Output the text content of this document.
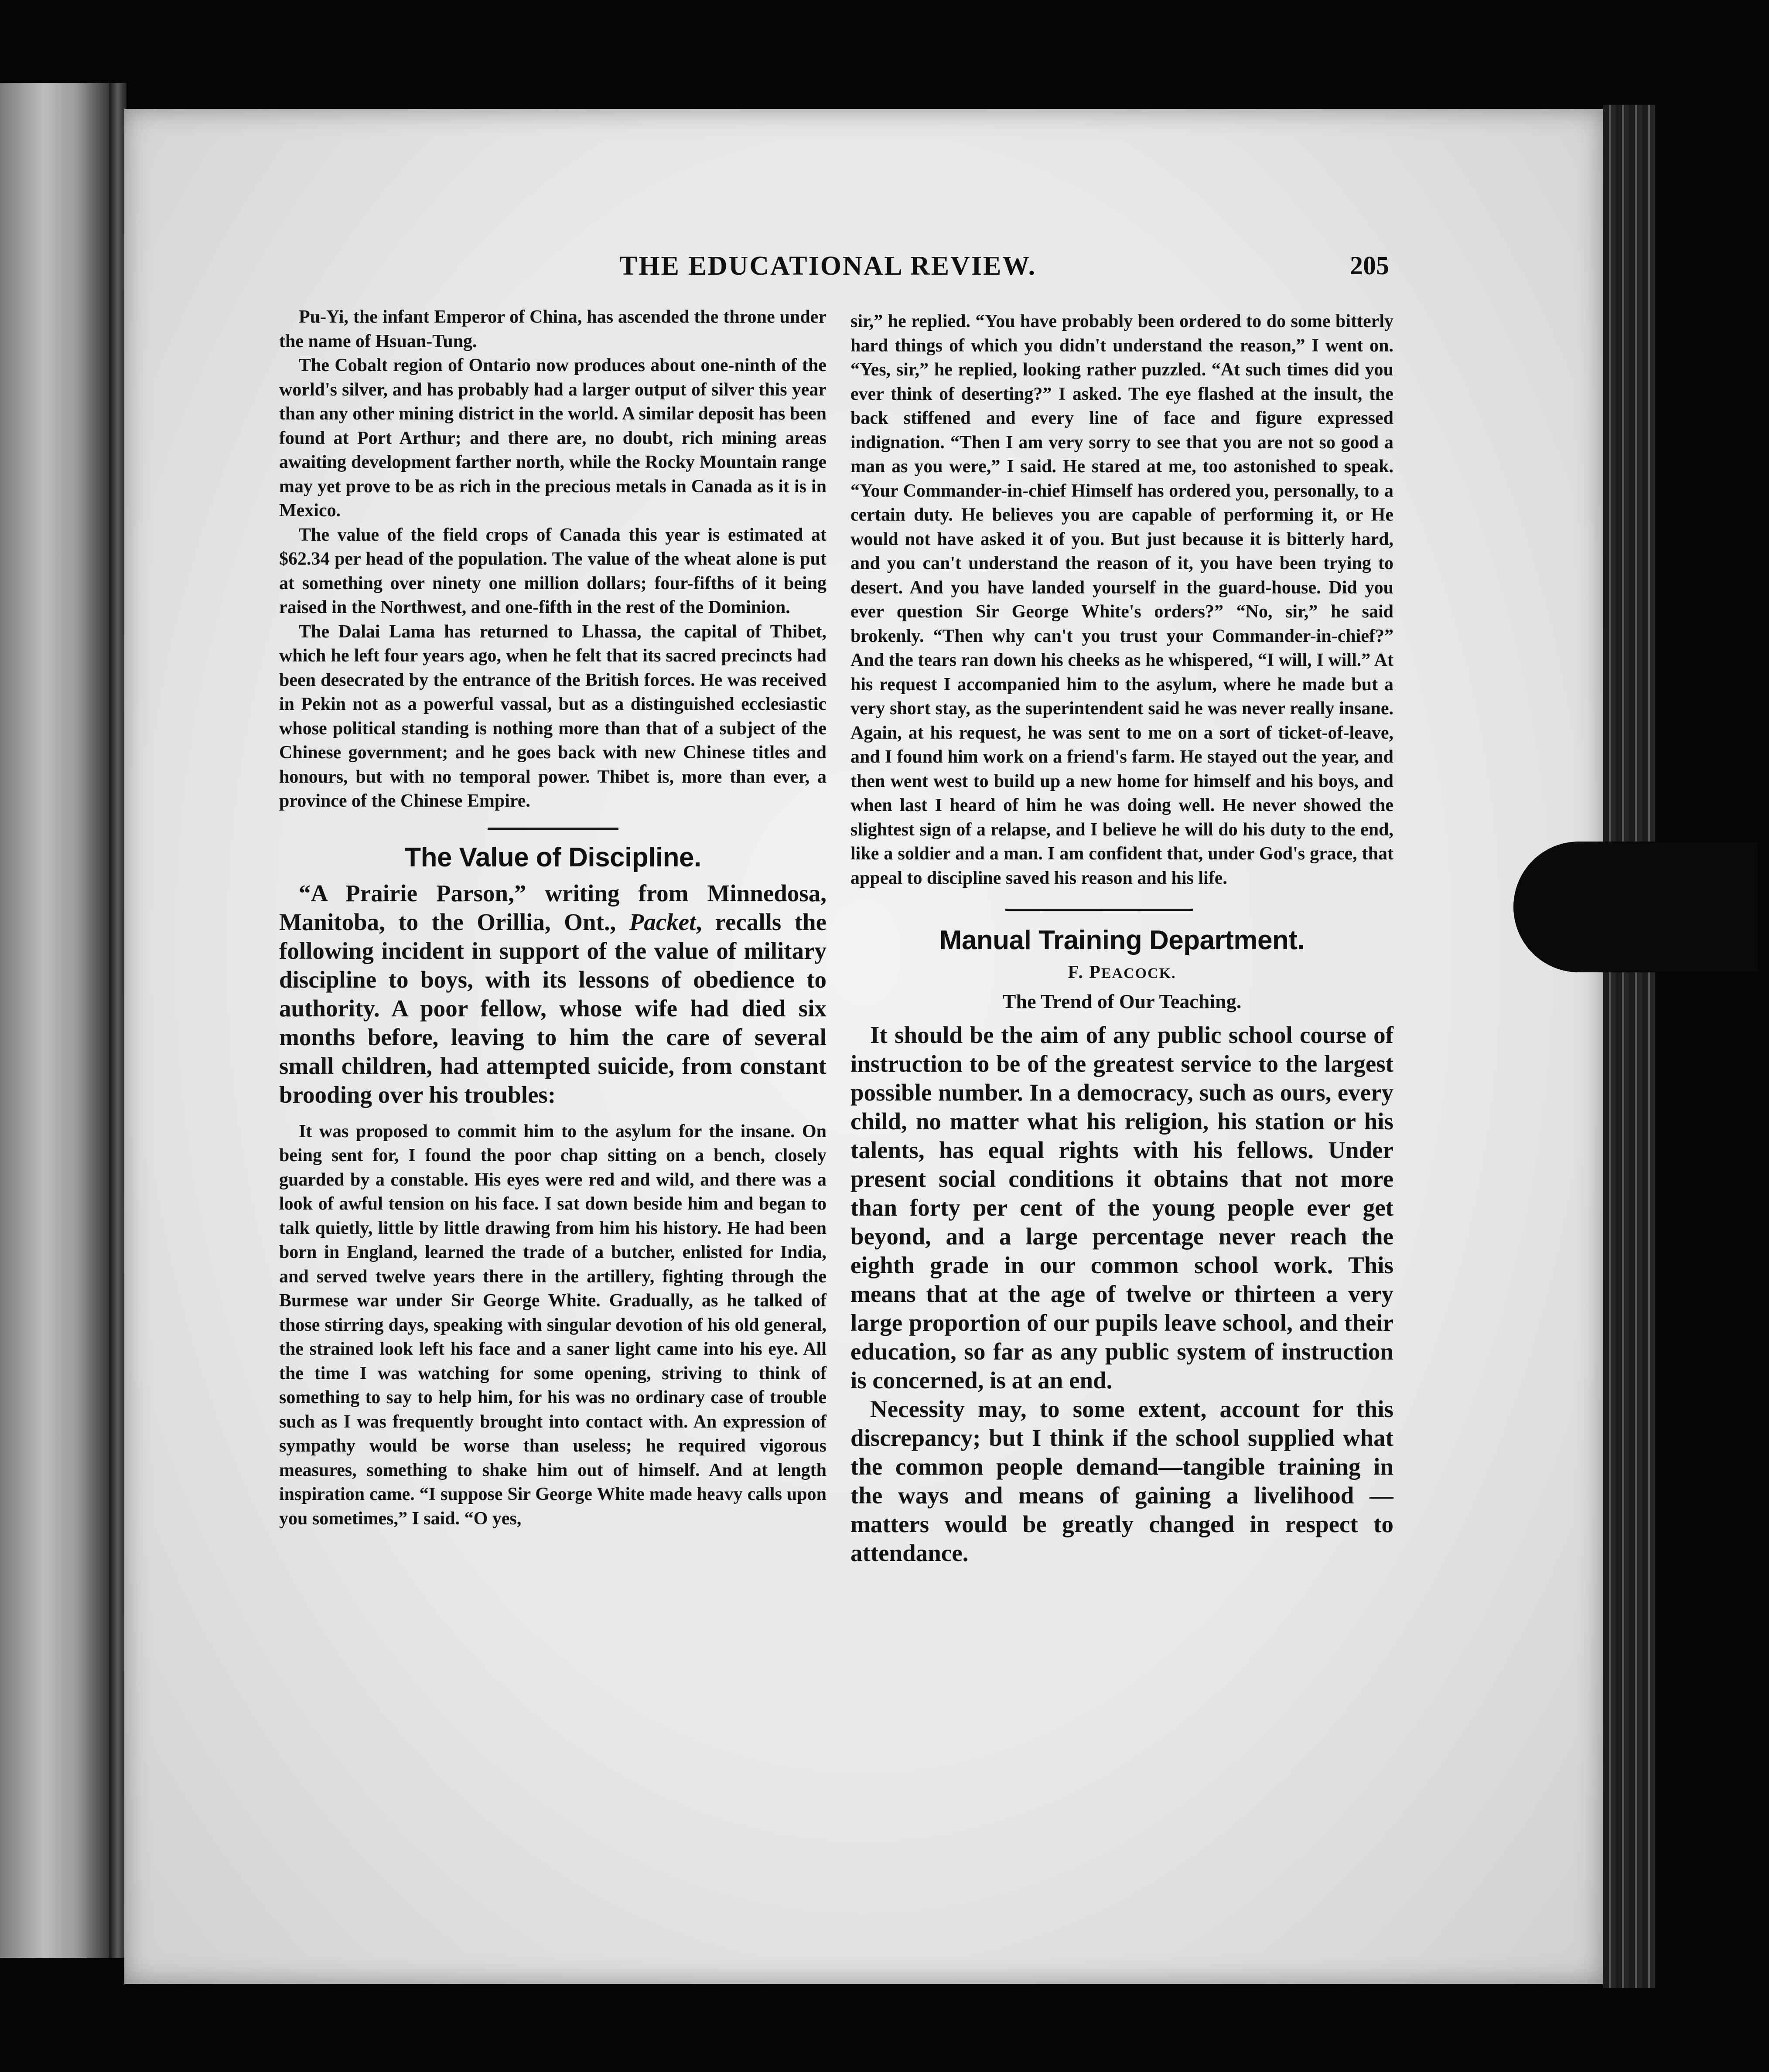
THE EDUCATIONAL REVIEW.	205

Pu-Yi, the infant Emperor of China, has ascended the throne under the name of Hsuan-Tung.

The Cobalt region of Ontario now produces about one-ninth of the world's silver, and has probably had a larger output of silver this year than any other mining district in the world. A similar deposit has been found at Port Arthur; and there are, no doubt, rich mining areas awaiting development farther north, while the Rocky Mountain range may yet prove to be as rich in the precious metals in Canada as it is in Mexico.

The value of the field crops of Canada this year is estimated at $62.34 per head of the population. The value of the wheat alone is put at something over ninety one million dollars; four-fifths of it being raised in the Northwest, and one-fifth in the rest of the Dominion.

The Dalai Lama has returned to Lhassa, the capital of Thibet, which he left four years ago, when he felt that its sacred precincts had been desecrated by the entrance of the British forces. He was received in Pekin not as a powerful vassal, but as a distinguished ecclesiastic whose political standing is nothing more than that of a subject of the Chinese government; and he goes back with new Chinese titles and honours, but with no temporal power. Thibet is, more than ever, a province of the Chinese Empire.

The Value of Discipline.

“A Prairie Parson,” writing from Minnedosa, Manitoba, to the Orillia, Ont., Packet, recalls the following incident in support of the value of military discipline to boys, with its lessons of obedience to authority. A poor fellow, whose wife had died six months before, leaving to him the care of several small children, had attempted suicide, from constant brooding over his troubles:

It was proposed to commit him to the asylum for the insane. On being sent for, I found the poor chap sitting on a bench, closely guarded by a constable. His eyes were red and wild, and there was a look of awful tension on his face. I sat down beside him and began to talk quietly, little by little drawing from him his history. He had been born in England, learned the trade of a butcher, enlisted for India, and served twelve years there in the artillery, fighting through the Burmese war under Sir George White. Gradually, as he talked of those stirring days, speaking with singular devotion of his old general, the strained look left his face and a saner light came into his eye. All the time I was watching for some opening, striving to think of something to say to help him, for his was no ordinary case of trouble such as I was frequently brought into contact with. An expression of sympathy would be worse than useless; he required vigorous measures, something to shake him out of himself. And at length inspiration came. “I suppose Sir George White made heavy calls upon you sometimes,” I said. “O yes,

sir,” he replied. “You have probably been ordered to do some bitterly hard things of which you didn't understand the reason,” I went on. “Yes, sir,” he replied, looking rather puzzled. “At such times did you ever think of deserting?” I asked. The eye flashed at the insult, the back stiffened and every line of face and figure expressed indignation. “Then I am very sorry to see that you are not so good a man as you were,” I said. He stared at me, too astonished to speak. “Your Commander-in-chief Himself has ordered you, personally, to a certain duty. He believes you are capable of performing it, or He would not have asked it of you. But just because it is bitterly hard, and you can't understand the reason of it, you have been trying to desert. And you have landed yourself in the guard-house. Did you ever question Sir George White's orders?” “No, sir,” he said brokenly. “Then why can't you trust your Commander-in-chief?” And the tears ran down his cheeks as he whispered, “I will, I will.” At his request I accompanied him to the asylum, where he made but a very short stay, as the superintendent said he was never really insane. Again, at his request, he was sent to me on a sort of ticket-of-leave, and I found him work on a friend's farm. He stayed out the year, and then went west to build up a new home for himself and his boys, and when last I heard of him he was doing well. He never showed the slightest sign of a relapse, and I believe he will do his duty to the end, like a soldier and a man. I am confident that, under God's grace, that appeal to discipline saved his reason and his life.

Manual Training Department.
F. PEACOCK.
The Trend of Our Teaching.

It should be the aim of any public school course of instruction to be of the greatest service to the largest possible number. In a democracy, such as ours, every child, no matter what his religion, his station or his talents, has equal rights with his fellows. Under present social conditions it obtains that not more than forty per cent of the young people ever get beyond, and a large percentage never reach the eighth grade in our common school work. This means that at the age of twelve or thirteen a very large proportion of our pupils leave school, and their education, so far as any public system of instruction is concerned, is at an end.

Necessity may, to some extent, account for this discrepancy; but I think if the school supplied what the common people demand—tangible training in the ways and means of gaining a livelihood —matters would be greatly changed in respect to attendance.
